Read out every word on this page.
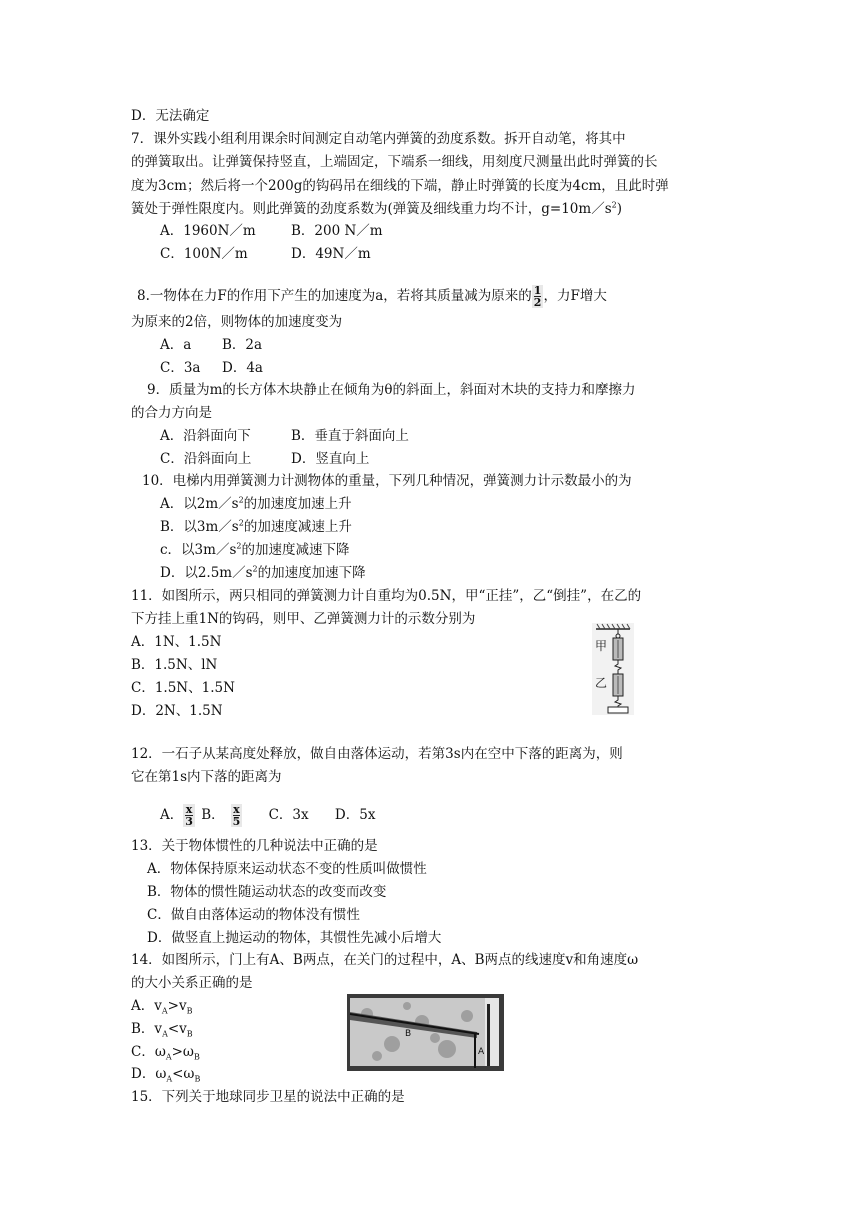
D．无法确定
7．课外实践小组利用课余时间测定自动笔内弹簧的劲度系数。拆开自动笔，将其中
的弹簧取出。让弹簧保持竖直，上端固定，下端系一细线，用刻度尺测量出此时弹簧的长
度为3cm；然后将一个200g的钩码吊在细线的下端，静止时弹簧的长度为4cm，且此时弹
簧处于弹性限度内。则此弹簧的劲度系数为(弹簧及细线重力均不计，$g=10m/s^2$)
A．1960N／m	B．200 N／m
C．100N／m	D．49N／m
8.一物体在力F的作用下产生的加速度为a，若将其质量减为原来的 $\frac{1}{2}$ ，力F增大
为原来的2倍，则物体的加速度变为
A．a B．2a
C．3a D．4a
9．质量为m的长方体木块静止在倾角为θ的斜面上，斜面对木块的支持力和摩擦力
的合力方向是
A．沿斜面向下	B．垂直于斜面向上
C．沿斜面向上	D．竖直向上
10．电梯内用弹簧测力计测物体的重量，下列几种情况，弹簧测力计示数最小的为
A．以$2m/s^2$的加速度加速上升
B．以$3m/s^2$的加速度减速上升
c．以$3m/s^2$的加速度减速下降
D．以$2.5m/s^2$的加速度加速下降
11．如图所示，两只相同的弹簧测力计自重均为0.5N，甲“正挂”，乙“倒挂”，在乙的
下方挂上重1N的钩码，则甲、乙弹簧测力计的示数分别为
A．1N、1.5N
B．1.5N、lN
C．1.5N、1.5N
D．2N、1.5N
甲
乙
12．一石子从某高度处释放，做自由落体运动，若第3s内在空中下落的距离为，则
它在第1s内下落的距离为
A． $\frac{x}{3}$ B． $\frac{x}{5}$ C．3x D．5x
13．关于物体惯性的几种说法中正确的是
A．物体保持原来运动状态不变的性质叫做惯性
B．物体的惯性随运动状态的改变而改变
C．做自由落体运动的物体没有惯性
D．做竖直上抛运动的物体，其惯性先减小后增大
14．如图所示，门上有A、B两点，在关门的过程中，A、B两点的线速度v和角速度ω
的大小关系正确的是
A．$v_A>v_B$
B．$v_A<v_B$
C．$\omega_A>\omega_B$
D．$\omega_A<\omega_B$
B
A
15．下列关于地球同步卫星的说法中正确的是
